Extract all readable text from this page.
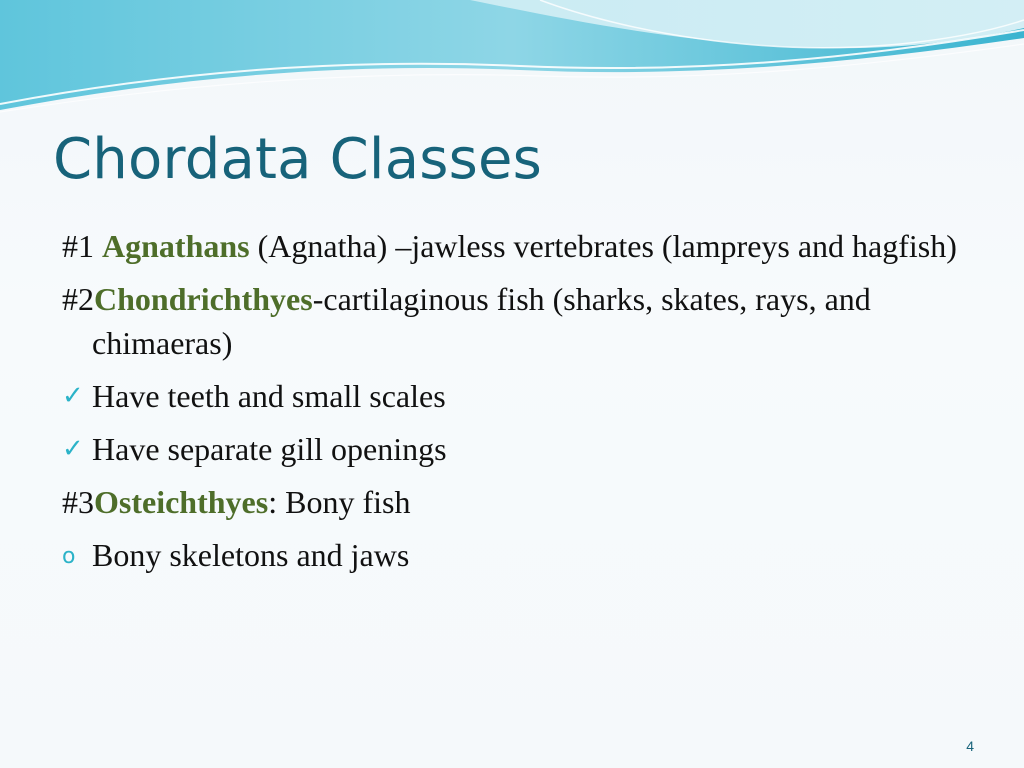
Chordata Classes

#1 Agnathans (Agnatha) –jawless vertebrates (lampreys and hagfish)

#2Chondrichthyes-cartilaginous fish (sharks, skates, rays, and chimaeras)

✓ Have teeth and small scales

✓ Have separate gill openings

#3Osteichthyes: Bony fish

o Bony skeletons and jaws

4
